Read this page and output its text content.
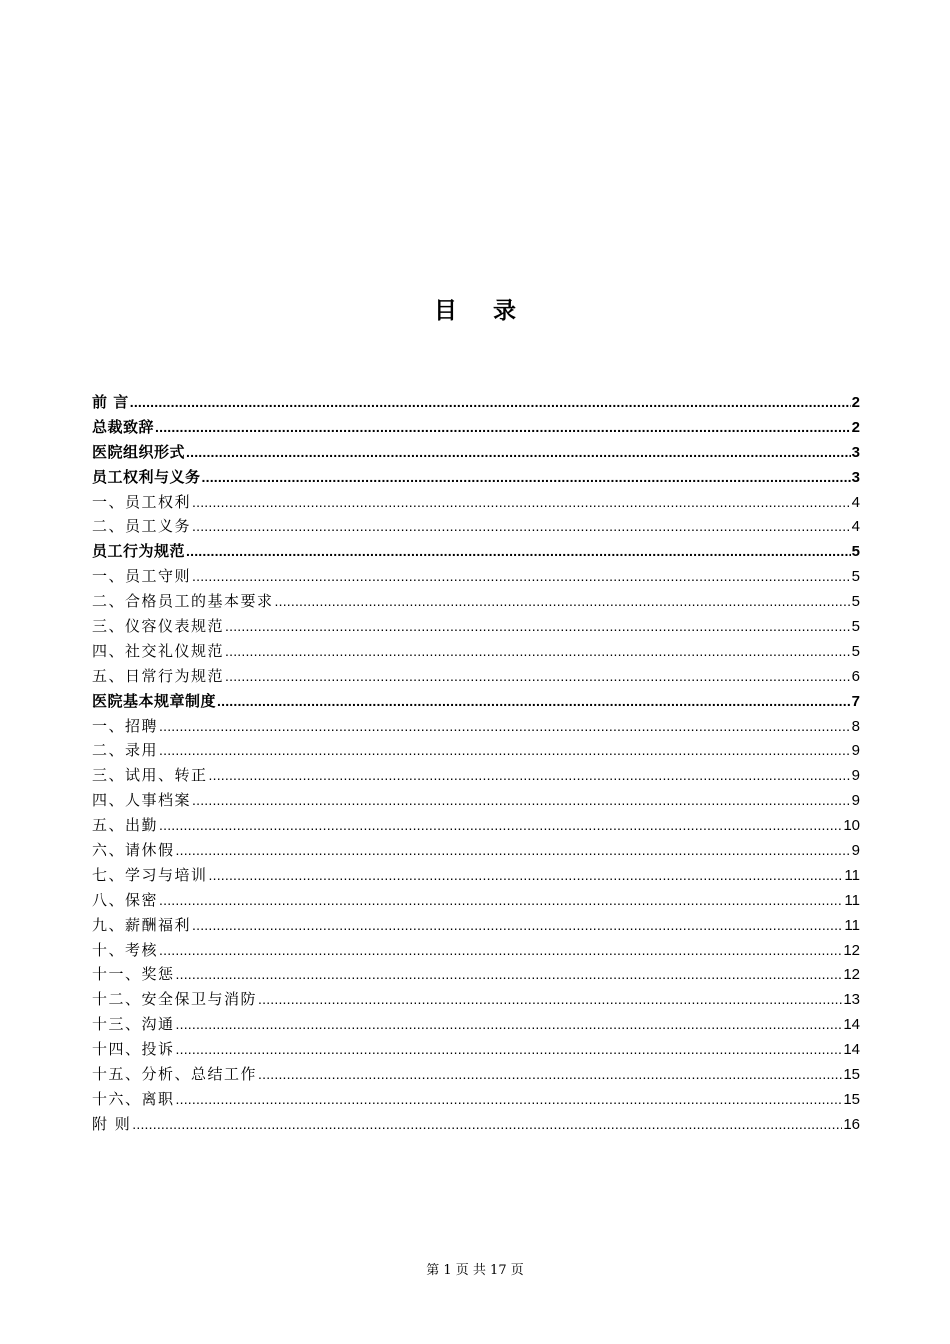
目 录
前 言 .....	2
总裁致辞 .....	2
医院组织形式 .....	3
员工权利与义务 .....	3
一、员工权利 .....	4
二、员工义务 .....	4
员工行为规范 .....	5
一、员工守则 .....	5
二、合格员工的基本要求 .....	5
三、仪容仪表规范 .....	5
四、社交礼仪规范 .....	5
五、日常行为规范 .....	6
医院基本规章制度 .....	7
一、招聘 .....	8
二、录用 .....	9
三、试用、转正 .....	9
四、人事档案 .....	9
五、出勤 .....	10
六、请休假 .....	9
七、学习与培训 .....	11
八、保密 .....	11
九、薪酬福利 .....	11
十、考核 .....	12
十一、奖惩 .....	12
十二、安全保卫与消防 .....	13
十三、沟通 .....	14
十四、投诉 .....	14
十五、分析、总结工作 .....	15
十六、离职 .....	15
附 则 .....	16
第 1 页 共 17 页
